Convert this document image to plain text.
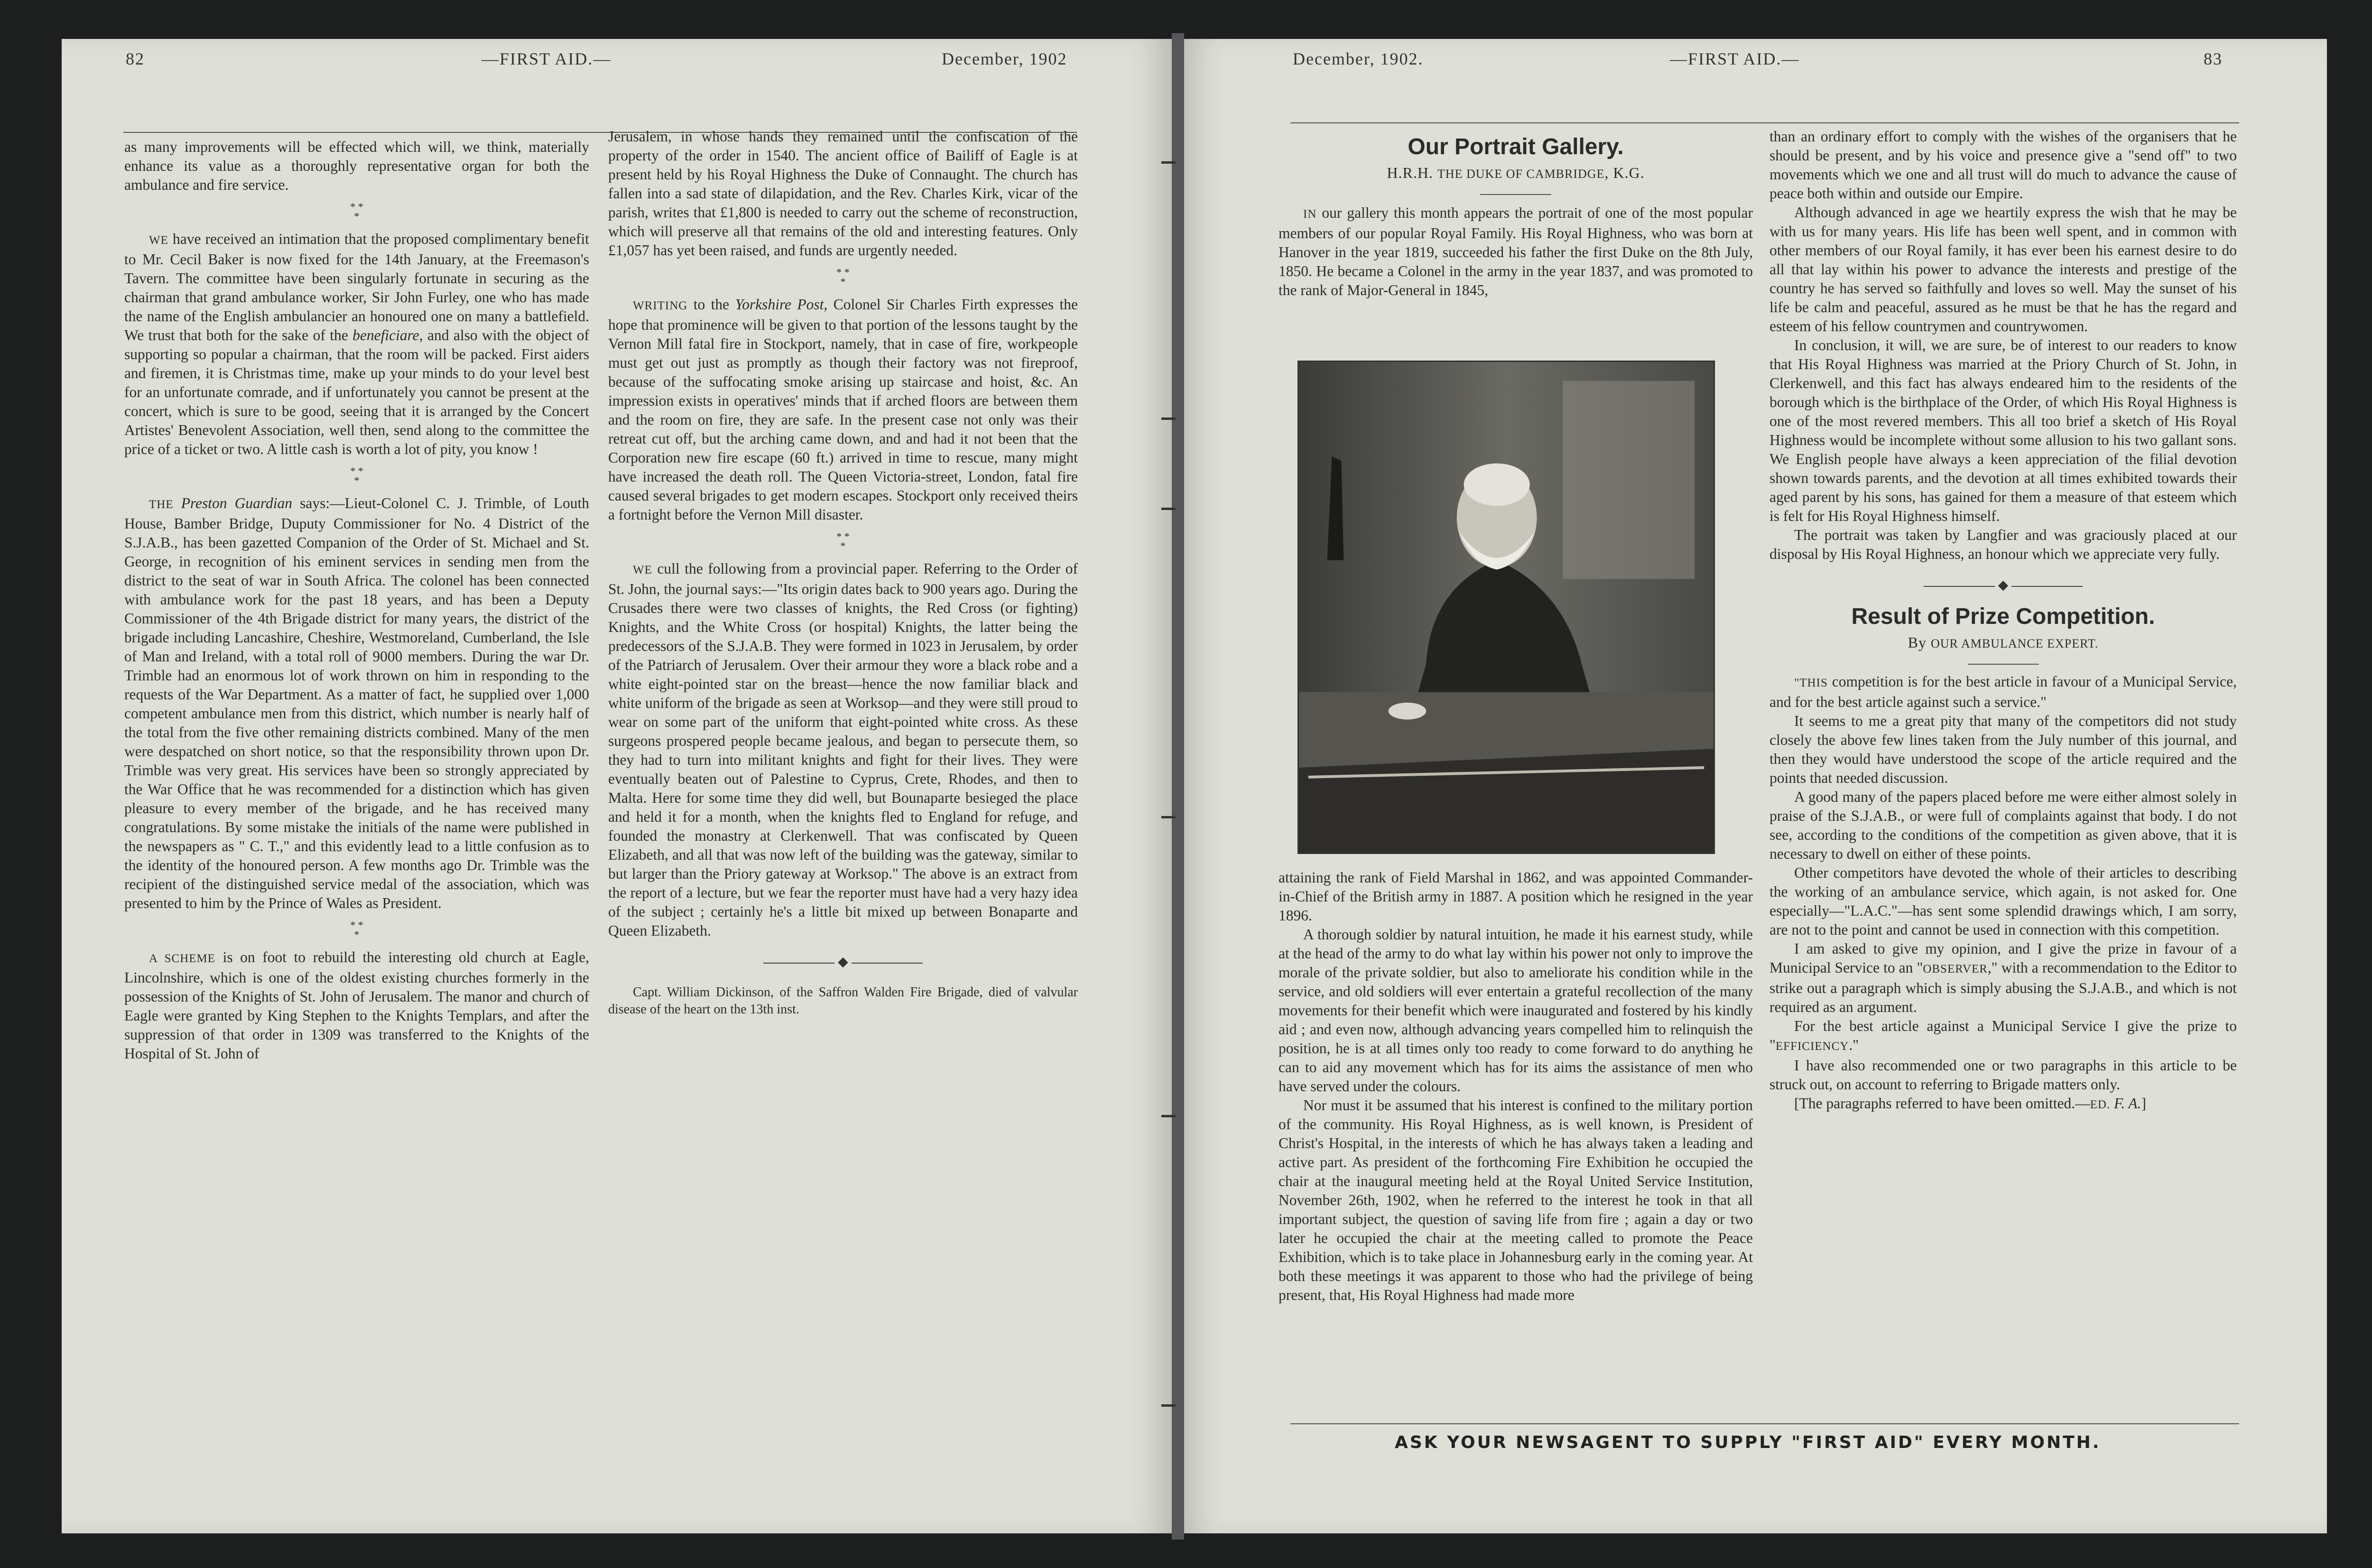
82	—FIRST AID.—	December, 1902

as many improvements will be effected which will, we think, materially enhance its value as a thoroughly representative organ for both the ambulance and fire service.

* *
*

WE have received an intimation that the proposed complimentary benefit to Mr. Cecil Baker is now fixed for the 14th January, at the Freemason's Tavern. The committee have been singularly fortunate in securing as the chairman that grand ambulance worker, Sir John Furley, one who has made the name of the English ambulancier an honoured one on many a battlefield. We trust that both for the sake of the beneficiare, and also with the object of supporting so popular a chairman, that the room will be packed. First aiders and firemen, it is Christmas time, make up your minds to do your level best for an unfortunate comrade, and if unfortunately you cannot be present at the concert, which is sure to be good, seeing that it is arranged by the Concert Artistes' Benevolent Association, well then, send along to the committee the price of a ticket or two. A little cash is worth a lot of pity, you know !

* *
*

THE Preston Guardian says:—Lieut-Colonel C. J. Trimble, of Louth House, Bamber Bridge, Duputy Commissioner for No. 4 District of the S.J.A.B., has been gazetted Companion of the Order of St. Michael and St. George, in recognition of his eminent services in sending men from the district to the seat of war in South Africa. The colonel has been connected with ambulance work for the past 18 years, and has been a Deputy Commissioner of the 4th Brigade district for many years, the district of the brigade including Lancashire, Cheshire, Westmoreland, Cumberland, the Isle of Man and Ireland, with a total roll of 9000 members. During the war Dr. Trimble had an enormous lot of work thrown on him in responding to the requests of the War Department. As a matter of fact, he supplied over 1,000 competent ambulance men from this district, which number is nearly half of the total from the five other remaining districts combined. Many of the men were despatched on short notice, so that the responsibility thrown upon Dr. Trimble was very great. His services have been so strongly appreciated by the War Office that he was recommended for a distinction which has given pleasure to every member of the brigade, and he has received many congratulations. By some mistake the initials of the name were published in the newspapers as " C. T.," and this evidently lead to a little confusion as to the identity of the honoured person. A few months ago Dr. Trimble was the recipient of the distinguished service medal of the association, which was presented to him by the Prince of Wales as President.

* *
*

A SCHEME is on foot to rebuild the interesting old church at Eagle, Lincolnshire, which is one of the oldest existing churches formerly in the possession of the Knights of St. John of Jerusalem. The manor and church of Eagle were granted by King Stephen to the Knights Templars, and after the suppression of that order in 1309 was transferred to the Knights of the Hospital of St. John of

Jerusalem, in whose hands they remained until the confiscation of the property of the order in 1540. The ancient office of Bailiff of Eagle is at present held by his Royal Highness the Duke of Connaught. The church has fallen into a sad state of dilapidation, and the Rev. Charles Kirk, vicar of the parish, writes that £1,800 is needed to carry out the scheme of reconstruction, which will preserve all that remains of the old and interesting features. Only £1,057 has yet been raised, and funds are urgently needed.

* *
*

WRITING to the Yorkshire Post, Colonel Sir Charles Firth expresses the hope that prominence will be given to that portion of the lessons taught by the Vernon Mill fatal fire in Stockport, namely, that in case of fire, workpeople must get out just as promptly as though their factory was not fireproof, because of the suffocating smoke arising up staircase and hoist, &c. An impression exists in operatives' minds that if arched floors are between them and the room on fire, they are safe. In the present case not only was their retreat cut off, but the arching came down, and and had it not been that the Corporation new fire escape (60 ft.) arrived in time to rescue, many might have increased the death roll. The Queen Victoria-street, London, fatal fire caused several brigades to get modern escapes. Stockport only received theirs a fortnight before the Vernon Mill disaster.

* *
*

WE cull the following from a provincial paper. Referring to the Order of St. John, the journal says:—"Its origin dates back to 900 years ago. During the Crusades there were two classes of knights, the Red Cross (or fighting) Knights, and the White Cross (or hospital) Knights, the latter being the predecessors of the S.J.A.B. They were formed in 1023 in Jerusalem, by order of the Patriarch of Jerusalem. Over their armour they wore a black robe and a white eight-pointed star on the breast—hence the now familiar black and white uniform of the brigade as seen at Worksop—and they were still proud to wear on some part of the uniform that eight-pointed white cross. As these surgeons prospered people became jealous, and began to persecute them, so they had to turn into militant knights and fight for their lives. They were eventually beaten out of Palestine to Cyprus, Crete, Rhodes, and then to Malta. Here for some time they did well, but Bounaparte besieged the place and held it for a month, when the knights fled to England for refuge, and founded the monastry at Clerkenwell. That was confiscated by Queen Elizabeth, and all that was now left of the building was the gateway, similar to but larger than the Priory gateway at Worksop." The above is an extract from the report of a lecture, but we fear the reporter must have had a very hazy idea of the subject ; certainly he's a little bit mixed up between Bonaparte and Queen Elizabeth.

◆

Capt. William Dickinson, of the Saffron Walden Fire Brigade, died of valvular disease of the heart on the 13th inst.

December, 1902.	—FIRST AID.—	83
Our Portrait Gallery.
H.R.H. THE DUKE OF CAMBRIDGE, K.G.

IN our gallery this month appears the portrait of one of the most popular members of our popular Royal Family. His Royal Highness, who was born at Hanover in the year 1819, succeeded his father the first Duke on the 8th July, 1850. He became a Colonel in the army in the year 1837, and was promoted to the rank of Major-General in 1845,

attaining the rank of Field Marshal in 1862, and was appointed Commander-in-Chief of the British army in 1887. A position which he resigned in the year 1896.

A thorough soldier by natural intuition, he made it his earnest study, while at the head of the army to do what lay within his power not only to improve the morale of the private soldier, but also to ameliorate his condition while in the service, and old soldiers will ever entertain a grateful recollection of the many movements for their benefit which were inaugurated and fostered by his kindly aid ; and even now, although advancing years compelled him to relinquish the position, he is at all times only too ready to come forward to do anything he can to aid any movement which has for its aims the assistance of men who have served under the colours.

Nor must it be assumed that his interest is confined to the military portion of the community. His Royal Highness, as is well known, is President of Christ's Hospital, in the interests of which he has always taken a leading and active part. As president of the forthcoming Fire Exhibition he occupied the chair at the inaugural meeting held at the Royal United Service Institution, November 26th, 1902, when he referred to the interest he took in that all important subject, the question of saving life from fire ; again a day or two later he occupied the chair at the meeting called to promote the Peace Exhibition, which is to take place in Johannesburg early in the coming year. At both these meetings it was apparent to those who had the privilege of being present, that, His Royal Highness had made more

than an ordinary effort to comply with the wishes of the organisers that he should be present, and by his voice and presence give a "send off" to two movements which we one and all trust will do much to advance the cause of peace both within and outside our Empire.

Although advanced in age we heartily express the wish that he may be with us for many years. His life has been well spent, and in common with other members of our Royal family, it has ever been his earnest desire to do all that lay within his power to advance the interests and prestige of the country he has served so faithfully and loves so well. May the sunset of his life be calm and peaceful, assured as he must be that he has the regard and esteem of his fellow countrymen and countrywomen.

In conclusion, it will, we are sure, be of interest to our readers to know that His Royal Highness was married at the Priory Church of St. John, in Clerkenwell, and this fact has always endeared him to the residents of the borough which is the birthplace of the Order, of which His Royal Highness is one of the most revered members. This all too brief a sketch of His Royal Highness would be incomplete without some allusion to his two gallant sons. We English people have always a keen appreciation of the filial devotion shown towards parents, and the devotion at all times exhibited towards their aged parent by his sons, has gained for them a measure of that esteem which is felt for His Royal Highness himself.

The portrait was taken by Langfier and was graciously placed at our disposal by His Royal Highness, an honour which we appreciate very fully.

◆
Result of Prize Competition.
By OUR AMBULANCE EXPERT.

"THIS competition is for the best article in favour of a Municipal Service, and for the best article against such a service."

It seems to me a great pity that many of the competitors did not study closely the above few lines taken from the July number of this journal, and then they would have understood the scope of the article required and the points that needed discussion.

A good many of the papers placed before me were either almost solely in praise of the S.J.A.B., or were full of complaints against that body. I do not see, according to the conditions of the competition as given above, that it is necessary to dwell on either of these points.

Other competitors have devoted the whole of their articles to describing the working of an ambulance service, which again, is not asked for. One especially—"L.A.C."—has sent some splendid drawings which, I am sorry, are not to the point and cannot be used in connection with this competition.

I am asked to give my opinion, and I give the prize in favour of a Municipal Service to an "OBSERVER," with a recommendation to the Editor to strike out a paragraph which is simply abusing the S.J.A.B., and which is not required as an argument.

For the best article against a Municipal Service I give the prize to "EFFICIENCY."

I have also recommended one or two paragraphs in this article to be struck out, on account to referring to Brigade matters only.

[The paragraphs referred to have been omitted.—ED. F. A.]

ASK YOUR NEWSAGENT TO SUPPLY "FIRST AID" EVERY MONTH.
